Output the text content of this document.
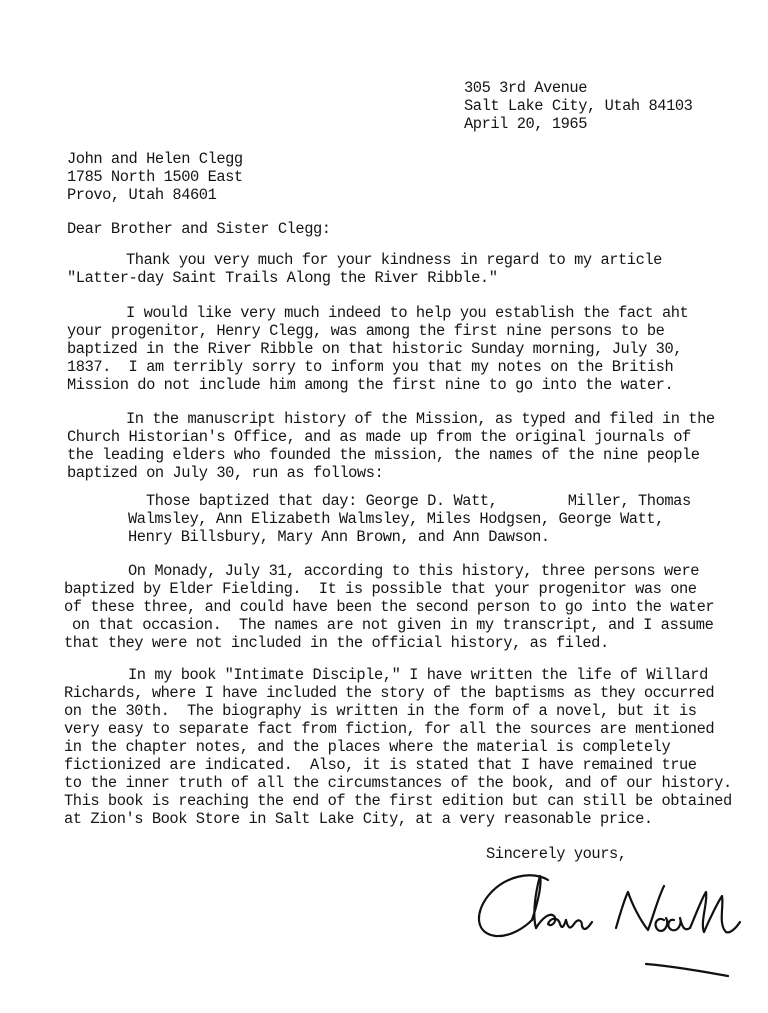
305 3rd Avenue

Salt Lake City, Utah 84103

April 20, 1965

John and Helen Clegg

1785 North 1500 East

Provo, Utah 84601

Dear Brother and Sister Clegg:

Thank you very much for your kindness in regard to my article

"Latter-day Saint Trails Along the River Ribble."

I would like very much indeed to help you establish the fact aht

your progenitor, Henry Clegg, was among the first nine persons to be

baptized in the River Ribble on that historic Sunday morning, July 30,

1837.  I am terribly sorry to inform you that my notes on the British

Mission do not include him among the first nine to go into the water.

In the manuscript history of the Mission, as typed and filed in the

Church Historian's Office, and as made up from the original journals of

the leading elders who founded the mission, the names of the nine people

baptized on July 30, run as follows:

Those baptized that day: George D. Watt,        Miller, Thomas

Walmsley, Ann Elizabeth Walmsley, Miles Hodgsen, George Watt,

Henry Billsbury, Mary Ann Brown, and Ann Dawson.

On Monady, July 31, according to this history, three persons were

baptized by Elder Fielding.  It is possible that your progenitor was one

of these three, and could have been the second person to go into the water

on that occasion.  The names are not given in my transcript, and I assume

that they were not included in the official history, as filed.

In my book "Intimate Disciple," I have written the life of Willard

Richards, where I have included the story of the baptisms as they occurred

on the 30th.  The biography is written in the form of a novel, but it is

very easy to separate fact from fiction, for all the sources are mentioned

in the chapter notes, and the places where the material is completely

fictionized are indicated.  Also, it is stated that I have remained true

to the inner truth of all the circumstances of the book, and of our history.

This book is reaching the end of the first edition but can still be obtained

at Zion's Book Store in Salt Lake City, at a very reasonable price.

Sincerely yours,
